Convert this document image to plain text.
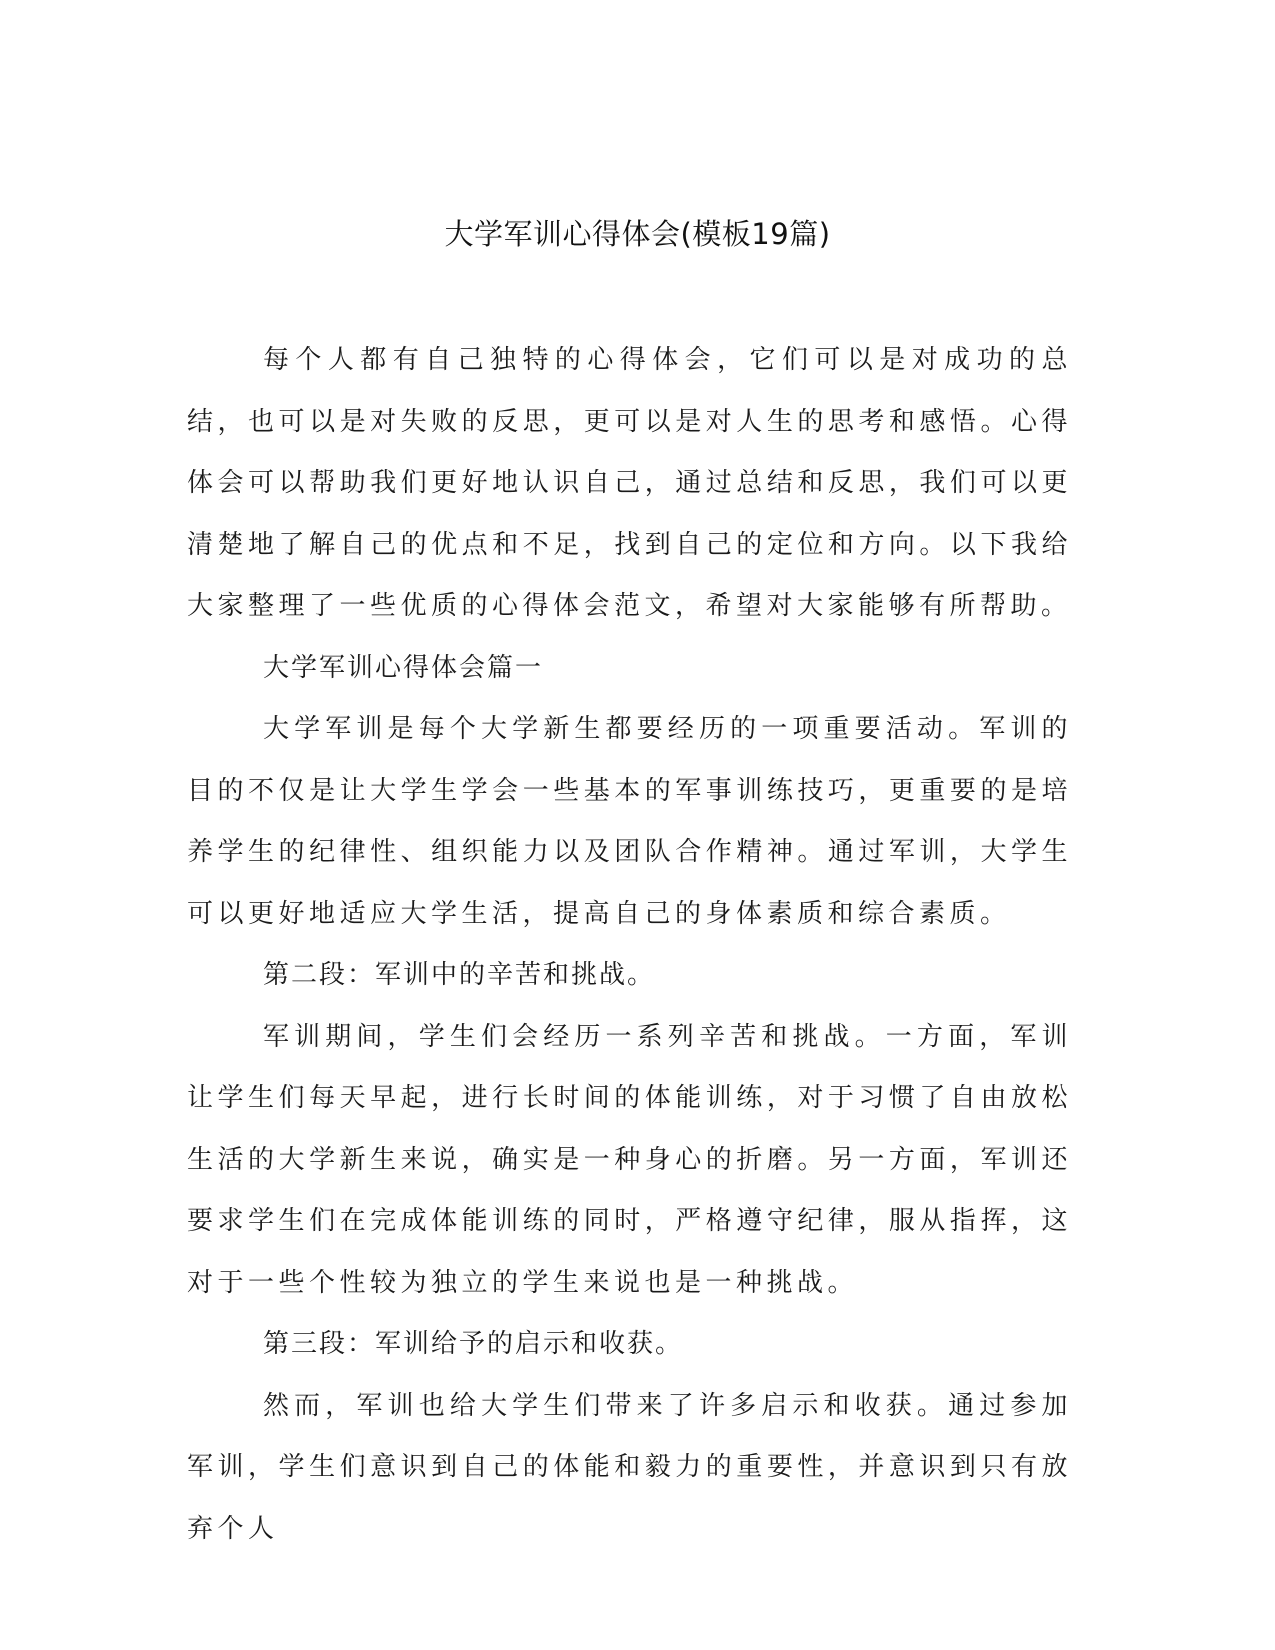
大学军训心得体会(模板19篇)

每个人都有自己独特的心得体会，它们可以是对成功的总结，也可以是对失败的反思，更可以是对人生的思考和感悟。心得体会可以帮助我们更好地认识自己，通过总结和反思，我们可以更清楚地了解自己的优点和不足，找到自己的定位和方向。以下我给大家整理了一些优质的心得体会范文，希望对大家能够有所帮助。

大学军训心得体会篇一

大学军训是每个大学新生都要经历的一项重要活动。军训的目的不仅是让大学生学会一些基本的军事训练技巧，更重要的是培养学生的纪律性、组织能力以及团队合作精神。通过军训，大学生可以更好地适应大学生活，提高自己的身体素质和综合素质。

第二段：军训中的辛苦和挑战。

军训期间，学生们会经历一系列辛苦和挑战。一方面，军训让学生们每天早起，进行长时间的体能训练，对于习惯了自由放松生活的大学新生来说，确实是一种身心的折磨。另一方面，军训还要求学生们在完成体能训练的同时，严格遵守纪律，服从指挥，这对于一些个性较为独立的学生来说也是一种挑战。

第三段：军训给予的启示和收获。

然而，军训也给大学生们带来了许多启示和收获。通过参加军训，学生们意识到自己的体能和毅力的重要性，并意识到只有放弃个人
